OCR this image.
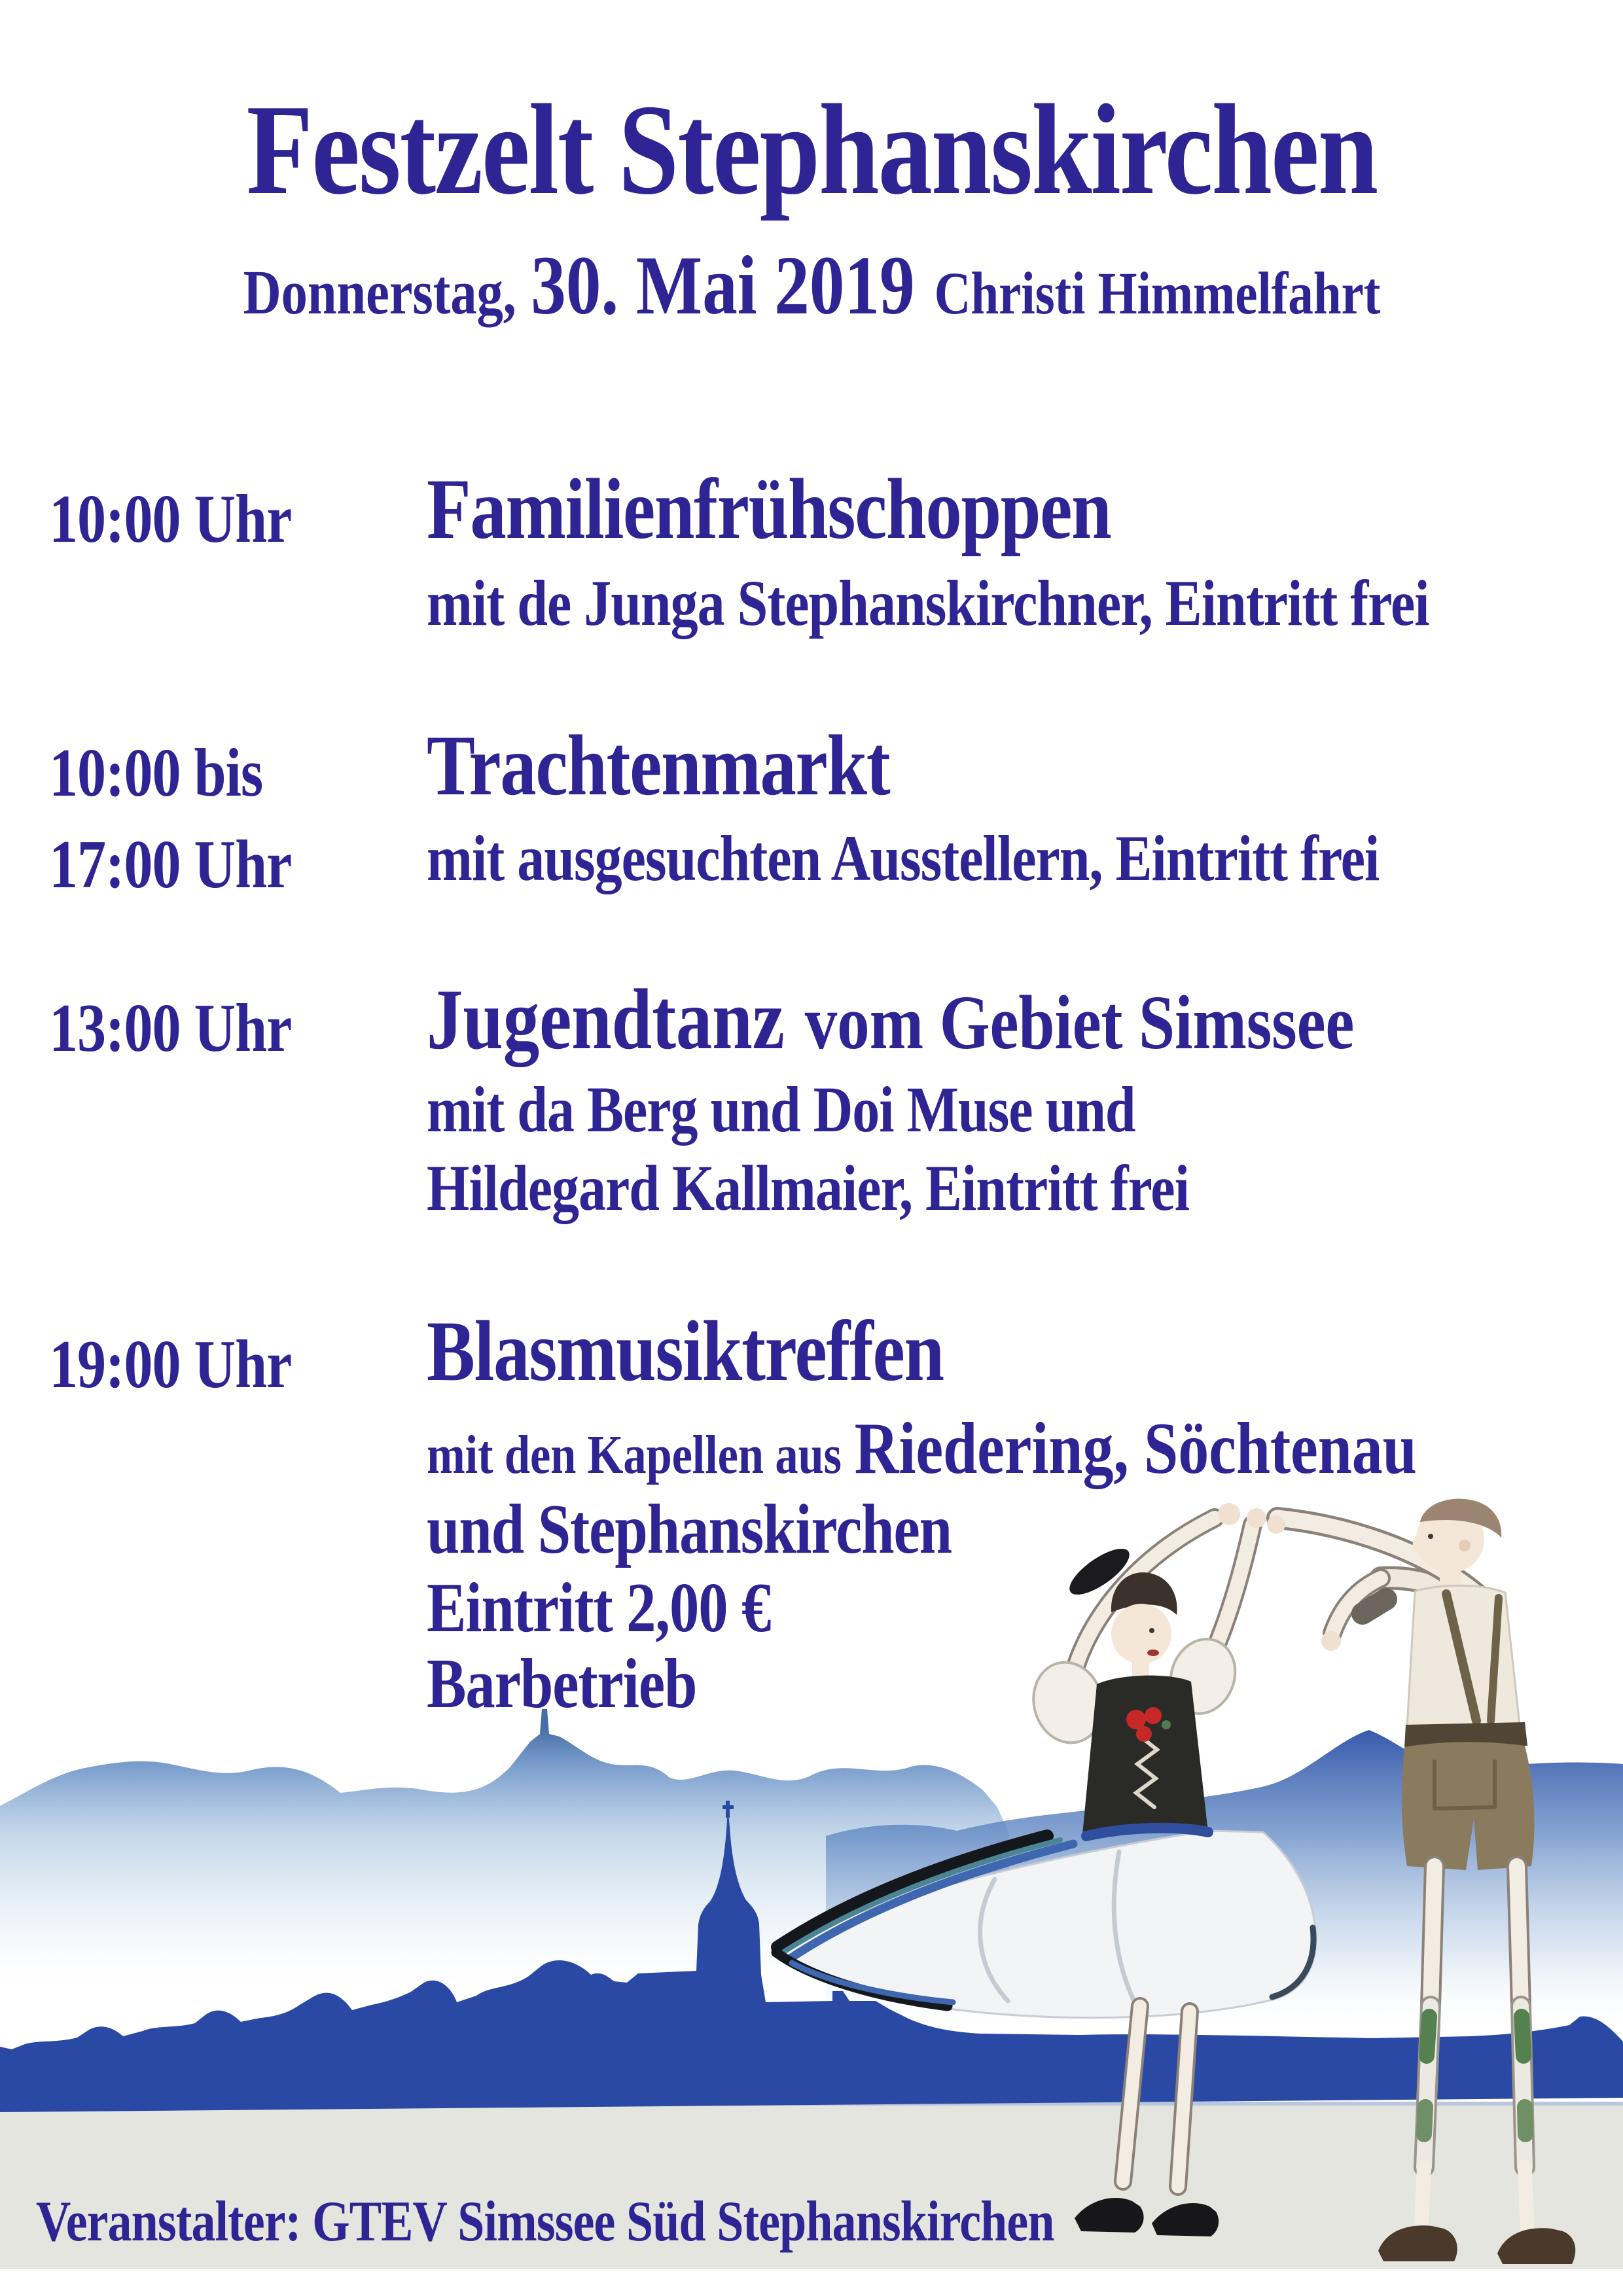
Festzelt Stephanskirchen
Donnerstag, 30. Mai 2019 Christi Himmelfahrt
10:00 Uhr	Familienfrühschoppen
mit de Junga Stephanskirchner, Eintritt frei
10:00 bis	Trachtenmarkt
17:00 Uhr	mit ausgesuchten Ausstellern, Eintritt frei
13:00 Uhr	Jugendtanz vom Gebiet Simssee
mit da Berg und Doi Muse und
Hildegard Kallmaier, Eintritt frei
19:00 Uhr	Blasmusiktreffen
mit den Kapellen aus Riedering, Söchtenau
und Stephanskirchen
Eintritt 2,00 €
Barbetrieb
Veranstalter: GTEV Simssee Süd Stephanskirchen
